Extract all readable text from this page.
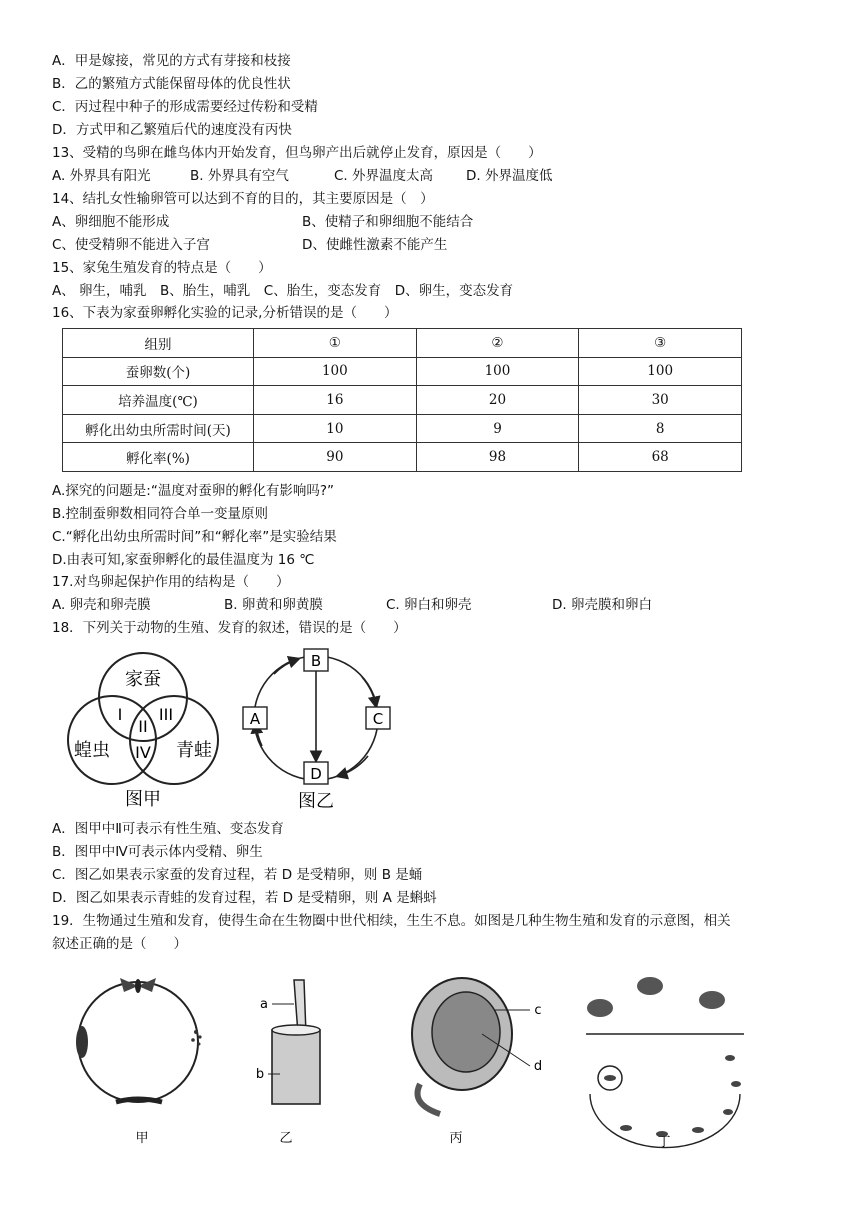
A．甲是嫁接，常见的方式有芽接和枝接
B．乙的繁殖方式能保留母体的优良性状
C．丙过程中种子的形成需要经过传粉和受精
D．方式甲和乙繁殖后代的速度没有丙快
13、受精的鸟卵在雌鸟体内开始发育，但鸟卵产出后就停止发育，原因是（　　）
A. 外界具有阳光	B. 外界具有空气	C. 外界温度太高 D. 外界温度低
14、结扎女性输卵管可以达到不育的目的，其主要原因是（　）
A、卵细胞不能形成	B、使精子和卵细胞不能结合
C、使受精卵不能进入子宫	D、使雌性激素不能产生
15、家兔生殖发育的特点是（　　）
A、 卵生，哺乳　B、胎生，哺乳　C、胎生，变态发育　D、卵生，变态发育
16、下表为家蚕卵孵化实验的记录,分析错误的是（　　）
组别	①	②	③
蚕卵数(个)	100	100	100
培养温度(℃)	16	20	30
孵化出幼虫所需时间(天)	10	9	8
孵化率(%)	90	98	68
A.探究的问题是:“温度对蚕卵的孵化有影响吗?”
B.控制蚕卵数相同符合单一变量原则
C.“孵化出幼虫所需时间”和“孵化率”是实验结果
D.由表可知,家蚕卵孵化的最佳温度为 16 ℃
17.对鸟卵起保护作用的结构是（　　）
A. 卵壳和卵壳膜	B. 卵黄和卵黄膜	C. 卵白和卵壳	D. 卵壳膜和卵白
18．下列关于动物的生殖、发育的叙述，错误的是（　　）
家蚕
蝗虫	青蛙
I
II
III
IV
图甲
B
C
D
A
图乙
A．图甲中Ⅱ可表示有性生殖、变态发育
B．图甲中Ⅳ可表示体内受精、卵生
C．图乙如果表示家蚕的发育过程，若 D 是受精卵，则 B 是蛹
D．图乙如果表示青蛙的发育过程，若 D 是受精卵，则 A 是蝌蚪
19．生物通过生殖和发育，使得生命在生物圈中世代相续，生生不息。如图是几种生物生殖和发育的示意图，相关
叙述正确的是（　　）
甲
a
b
乙
c
d
丙	丁
